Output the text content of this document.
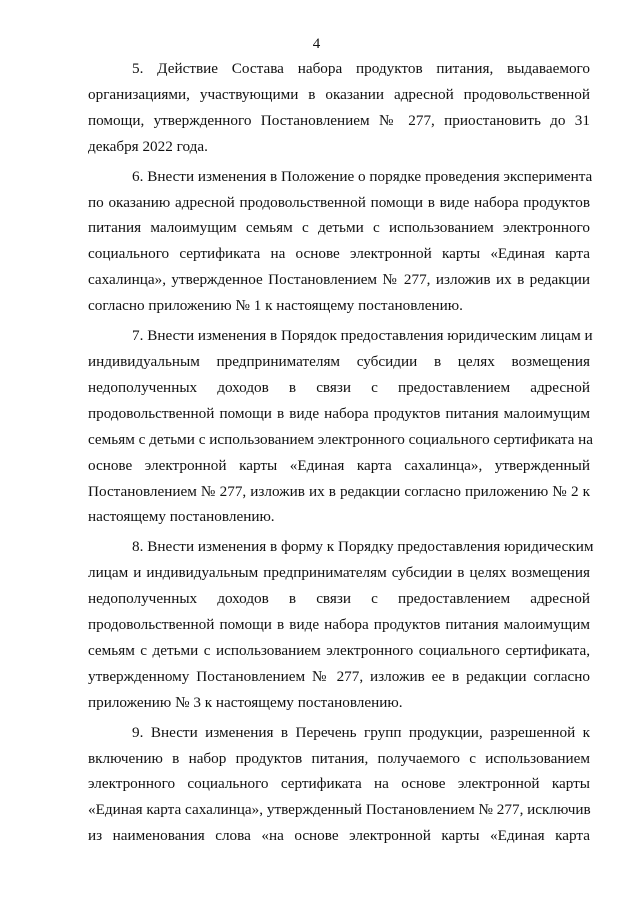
4

5. Действие Состава набора продуктов питания, выдаваемого
организациями, участвующими в оказании адресной продовольственной
помощи, утвержденного Постановлением № 277, приостановить до 31
декабря 2022 года.

6. Внести изменения в Положение о порядке проведения эксперимента
по оказанию адресной продовольственной помощи в виде набора продуктов
питания малоимущим семьям с детьми с использованием электронного
социального сертификата на основе электронной карты «Единая карта
сахалинца», утвержденное Постановлением № 277, изложив их в редакции
согласно приложению № 1 к настоящему постановлению.

7. Внести изменения в Порядок предоставления юридическим лицам и
индивидуальным предпринимателям субсидии в целях возмещения
недополученных доходов в связи с предоставлением адресной
продовольственной помощи в виде набора продуктов питания малоимущим
семьям с детьми с использованием электронного социального сертификата на
основе электронной карты «Единая карта сахалинца», утвержденный
Постановлением № 277, изложив их в редакции согласно приложению № 2 к
настоящему постановлению.

8. Внести изменения в форму к Порядку предоставления юридическим
лицам и индивидуальным предпринимателям субсидии в целях возмещения
недополученных доходов в связи с предоставлением адресной
продовольственной помощи в виде набора продуктов питания малоимущим
семьям с детьми с использованием электронного социального сертификата,
утвержденному Постановлением № 277, изложив ее в редакции согласно
приложению № 3 к настоящему постановлению.

9. Внести изменения в Перечень групп продукции, разрешенной к
включению в набор продуктов питания, получаемого с использованием
электронного социального сертификата на основе электронной карты
«Единая карта сахалинца», утвержденный Постановлением № 277, исключив
из наименования слова «на основе электронной карты «Единая карта
